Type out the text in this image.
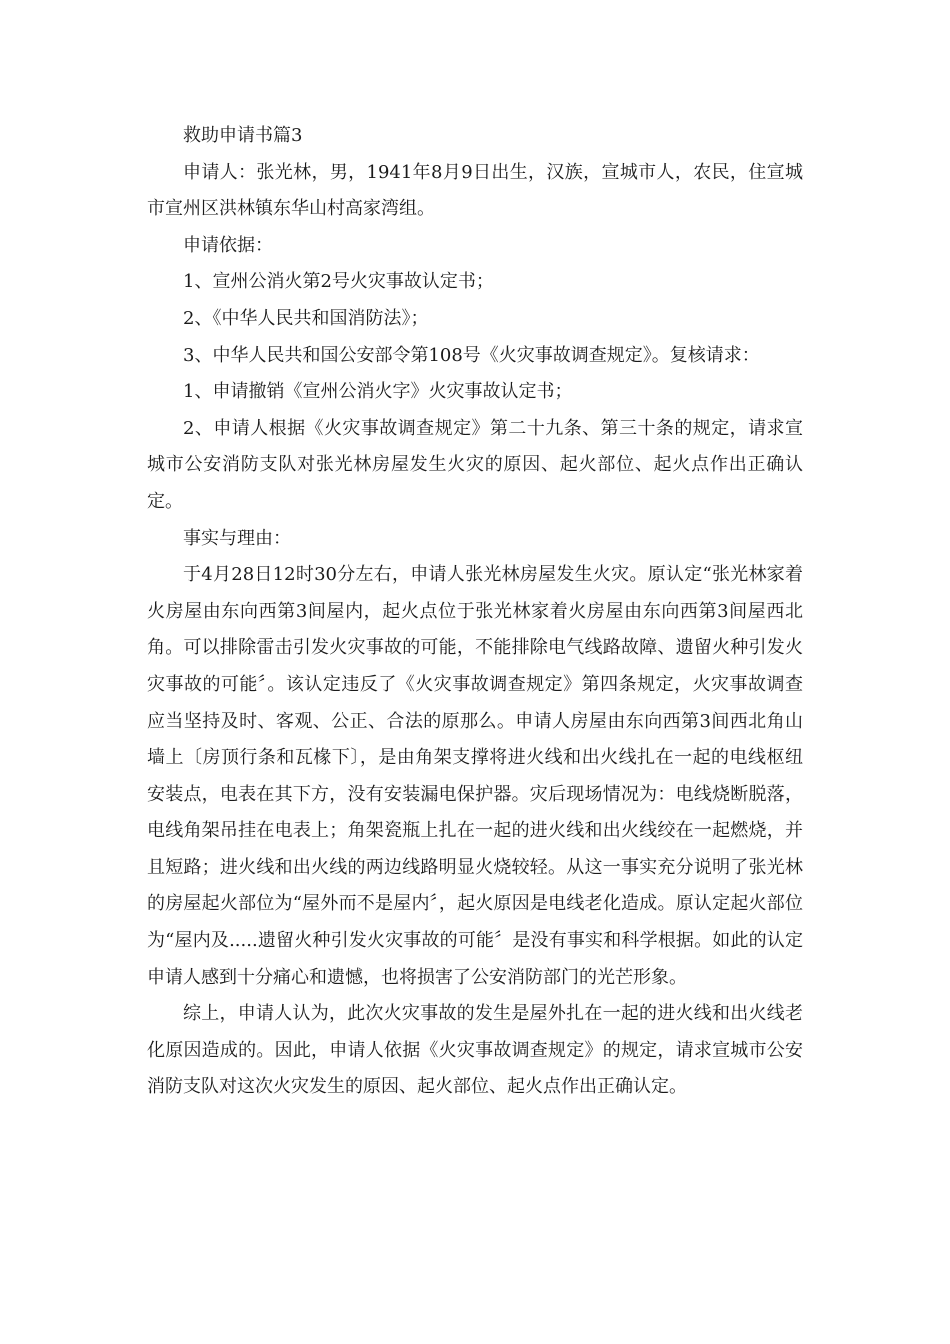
救助申请书篇3

申请人：张光林，男，1941年8月9日出生，汉族，宣城市人，农民，住宣城市宣州区洪林镇东华山村高家湾组。

申请依据：

1、宣州公消火第2号火灾事故认定书；

2、《中华人民共和国消防法》；

3、中华人民共和国公安部令第108号《火灾事故调查规定》。复核请求：

1、申请撤销《宣州公消火字》火灾事故认定书；

2、申请人根据《火灾事故调查规定》第二十九条、第三十条的规定，请求宣城市公安消防支队对张光林房屋发生火灾的原因、起火部位、起火点作出正确认定。

事实与理由：

于4月28日12时30分左右，申请人张光林房屋发生火灾。原认定“张光林家着火房屋由东向西第3间屋内，起火点位于张光林家着火房屋由东向西第3间屋西北角。可以排除雷击引发火灾事故的可能，不能排除电气线路故障、遗留火种引发火灾事故的可能〞。该认定违反了《火灾事故调查规定》第四条规定，火灾事故调查应当坚持及时、客观、公正、合法的原那么。申请人房屋由东向西第3间西北角山墙上〔房顶行条和瓦椽下〕，是由角架支撑将进火线和出火线扎在一起的电线枢纽安装点，电表在其下方，没有安装漏电保护器。灾后现场情况为：电线烧断脱落，电线角架吊挂在电表上；角架瓷瓶上扎在一起的进火线和出火线绞在一起燃烧，并且短路；进火线和出火线的两边线路明显火烧较轻。从这一事实充分说明了张光林的房屋起火部位为“屋外而不是屋内〞，起火原因是电线老化造成。原认定起火部位为“屋内及.....遗留火种引发火灾事故的可能〞是没有事实和科学根据。如此的认定申请人感到十分痛心和遗憾，也将损害了公安消防部门的光芒形象。

综上，申请人认为，此次火灾事故的发生是屋外扎在一起的进火线和出火线老化原因造成的。因此，申请人依据《火灾事故调查规定》的规定，请求宣城市公安消防支队对这次火灾发生的原因、起火部位、起火点作出正确认定。
